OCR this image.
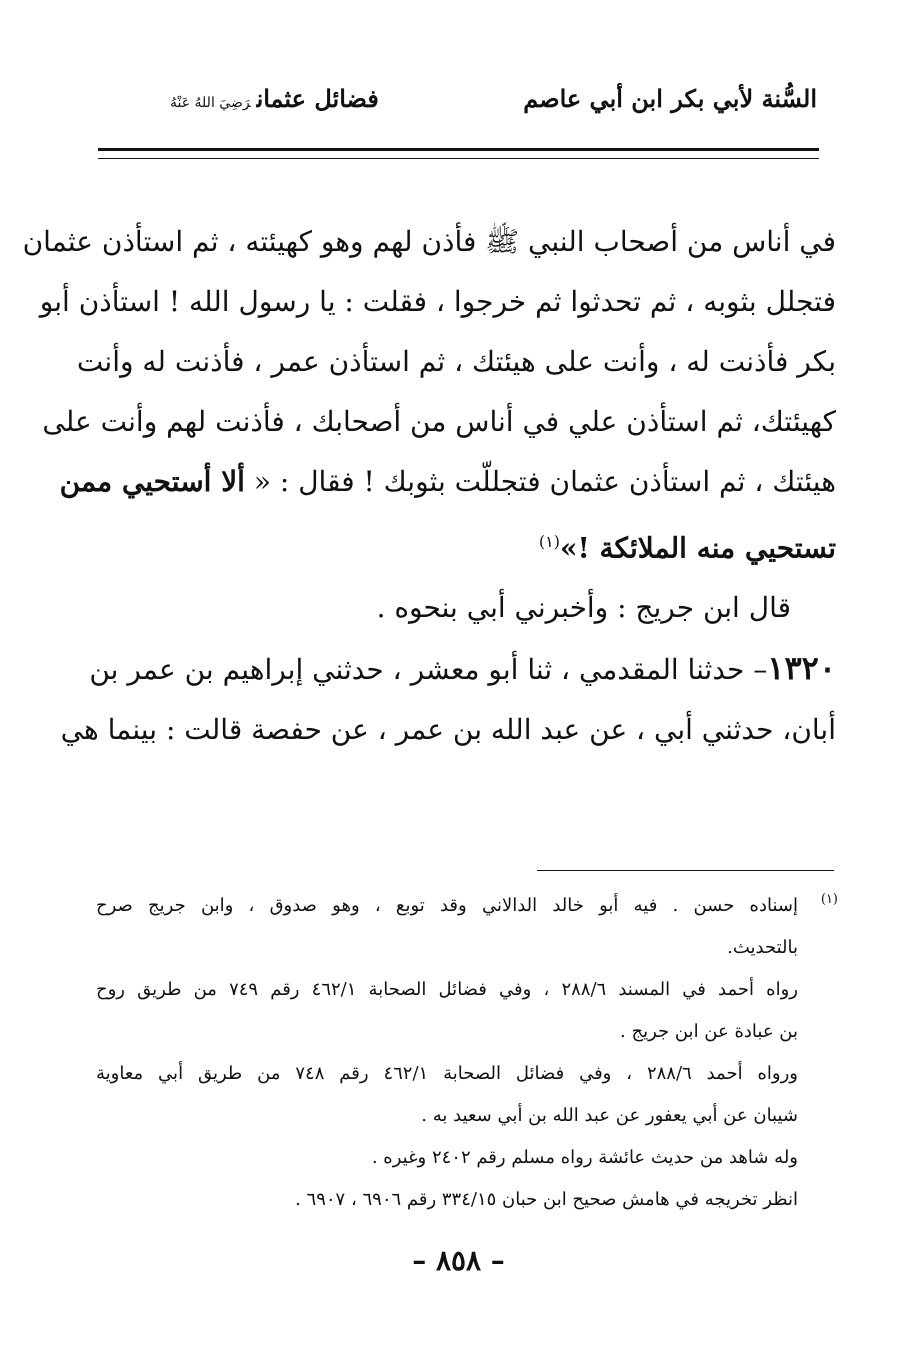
السُّنة لأبي بكر ابن أبي عاصم
فضائل عثمانرَضِيَ اللهُ عَنْهُ
في أناس من أصحاب النبي ﷺ فأذن لهم وهو كهيئته ، ثم استأذن عثمان
فتجلل بثوبه ، ثم تحدثوا ثم خرجوا ، فقلت : يا رسول الله ! استأذن أبو
بكر فأذنت له ، وأنت على هيئتك ، ثم استأذن عمر ، فأذنت له وأنت
كهيئتك، ثم استأذن علي في أناس من أصحابك ، فأذنت لهم وأنت على
هيئتك ، ثم استأذن عثمان فتجللّت بثوبك ! فقال : « ألا أستحيي ممن
تستحيي منه الملائكة !»$^{(١)}$
قال ابن جريج : وأخبرني أبي بنحوه .
١٣٢٠– حدثنا المقدمي ، ثنا أبو معشر ، حدثني إبراهيم بن عمر بن
أبان، حدثني أبي ، عن عبد الله بن عمر ، عن حفصة قالت : بينما هي
(١)
إسناده حسن . فيه أبو خالد الدالاني وقد توبع ، وهو صدوق ، وابن جريج صرح
بالتحديث.
رواه أحمد في المسند ٢٨٨/٦ ، وفي فضائل الصحابة ٤٦٢/١ رقم ٧٤٩ من طريق روح
بن عبادة عن ابن جريج .
ورواه أحمد ٢٨٨/٦ ، وفي فضائل الصحابة ٤٦٢/١ رقم ٧٤٨ من طريق أبي معاوية
شيبان عن أبي يعفور عن عبد الله بن أبي سعيد به .
وله شاهد من حديث عائشة رواه مسلم رقم ٢٤٠٢ وغيره .
انظر تخريجه في هامش صحيح ابن حبان ٣٣٤/١٥ رقم ٦٩٠٦ ، ٦٩٠٧ .
– ٨٥٨ –
